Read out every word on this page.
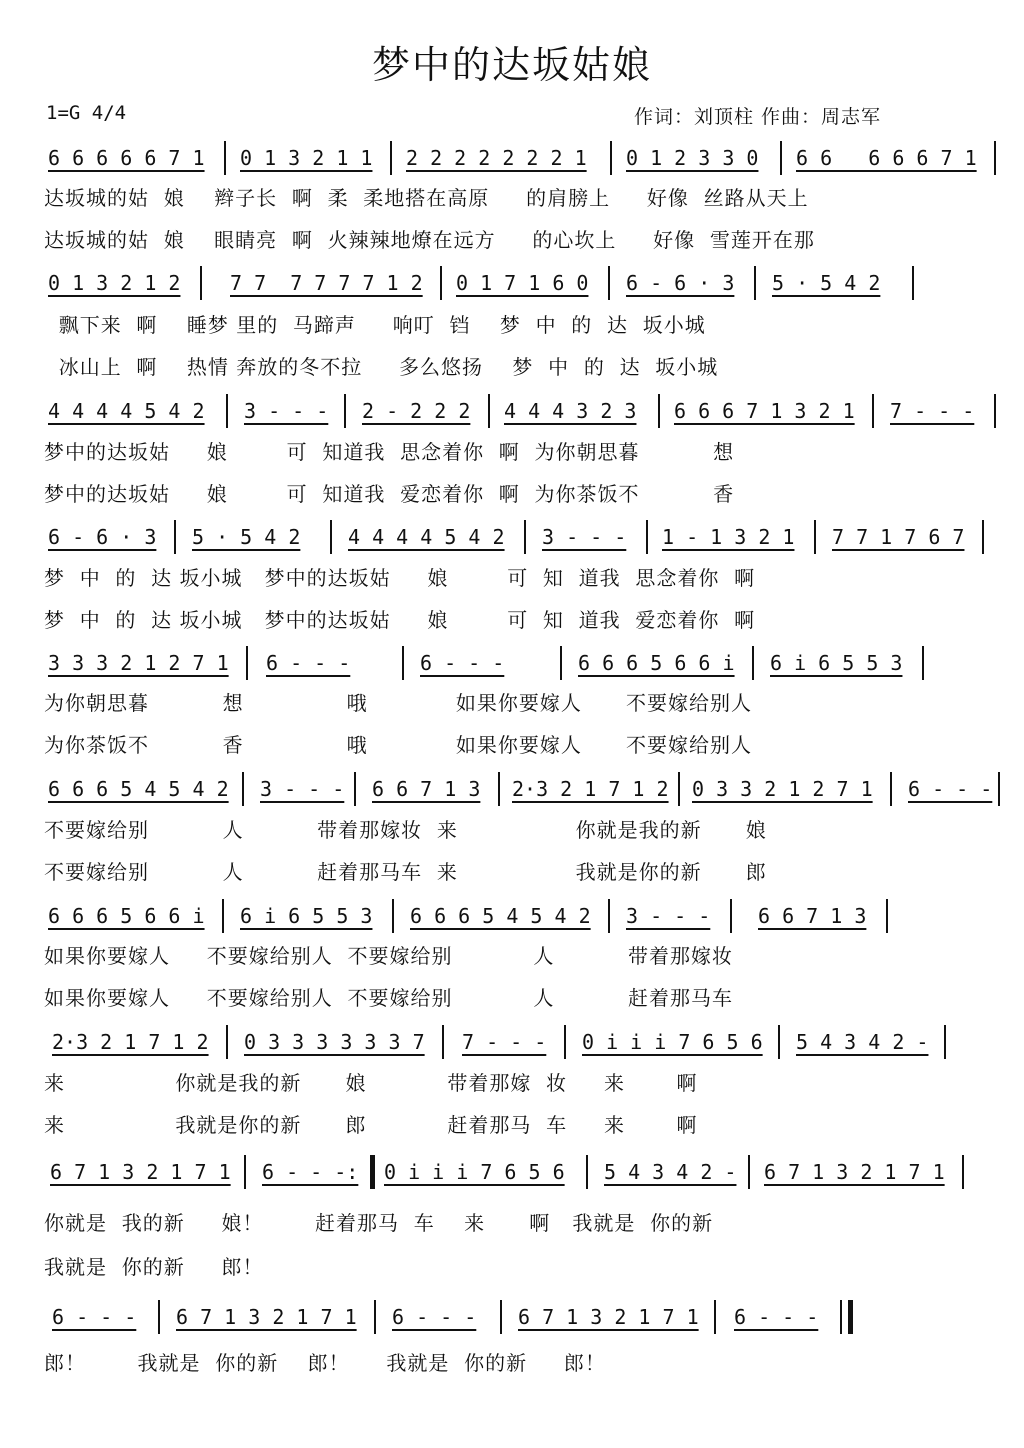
梦中的达坂姑娘
1=G 4/4	作词：刘顶柱 作曲：周志军
6 6 6 6 6 7 1 0 1 3 2 1 1 2 2 2 2 2 2 2 1 0 1 2 3 3 0 6 6   6 6 6 7 1
达坂城的姑  娘    辫子长  啊  柔  柔地搭在高原     的肩膀上     好像  丝路从天上
达坂城的姑  娘    眼睛亮  啊  火辣辣地燎在远方     的心坎上     好像  雪莲开在那
0 1 3 2 1 2 7 7  7 7 7 7 1 2 0 1 7 1 6 0 6 - 6 · 3 5 · 5 4 2
飘下来  啊    睡梦 里的  马蹄声     响叮  铛    梦  中  的  达  坂小城
冰山上  啊    热情 奔放的冬不拉     多么悠扬    梦  中  的  达  坂小城
4 4 4 4 5 4 2 3 - - - 2 - 2 2 2 4 4 4 3 2 3 6 6 6 7 1 3 2 1 7 - - -
梦中的达坂姑     娘        可  知道我  思念着你  啊  为你朝思暮          想
梦中的达坂姑     娘        可  知道我  爱恋着你  啊  为你茶饭不          香
6 - 6 · 3 5 · 5 4 2 4 4 4 4 5 4 2 3 - - - 1 - 1 3 2 1 7 7 1 7 6 7
梦  中  的  达 坂小城   梦中的达坂姑     娘        可  知  道我  思念着你  啊
梦  中  的  达 坂小城   梦中的达坂姑     娘        可  知  道我  爱恋着你  啊
3 3 3 2 1 2 7 1 6 - - -	6 - - -	6 6 6 5 6 6 i 6 i 6 5 5 3
为你朝思暮          想              哦            如果你要嫁人      不要嫁给别人
为你茶饭不          香              哦            如果你要嫁人      不要嫁给别人
6 6 6 5 4 5 4 2 3 - - - 6 6 7 1 3 2·3 2 1 7 1 2 0 3 3 2 1 2 7 1 6 - - -
不要嫁给别          人          带着那嫁妆  来                你就是我的新      娘
不要嫁给别          人          赶着那马车  来                我就是你的新      郎
6 6 6 5 6 6 i 6 i 6 5 5 3 6 6 6 5 4 5 4 2 3 - - - 6 6 7 1 3
如果你要嫁人     不要嫁给别人  不要嫁给别           人          带着那嫁妆
如果你要嫁人     不要嫁给别人  不要嫁给别           人          赶着那马车
2·3 2 1 7 1 2 0 3 3 3 3 3 3 7 7 - - - 0 i i i 7 6 5 6 5 4 3 4 2 -
来               你就是我的新      娘           带着那嫁  妆     来       啊
来               我就是你的新      郎           赶着那马  车     来       啊
6 7 1 3 2 1 7 1 6 - - -: 0 i i i 7 6 5 6 5 4 3 4 2 - 6 7 1 3 2 1 7 1
你就是  我的新     娘！       赶着那马  车    来      啊   我就是  你的新
我就是  你的新     郎！
6 - - - 6 7 1 3 2 1 7 1 6 - - - 6 7 1 3 2 1 7 1 6 - - -
郎！       我就是  你的新    郎！     我就是  你的新     郎！
